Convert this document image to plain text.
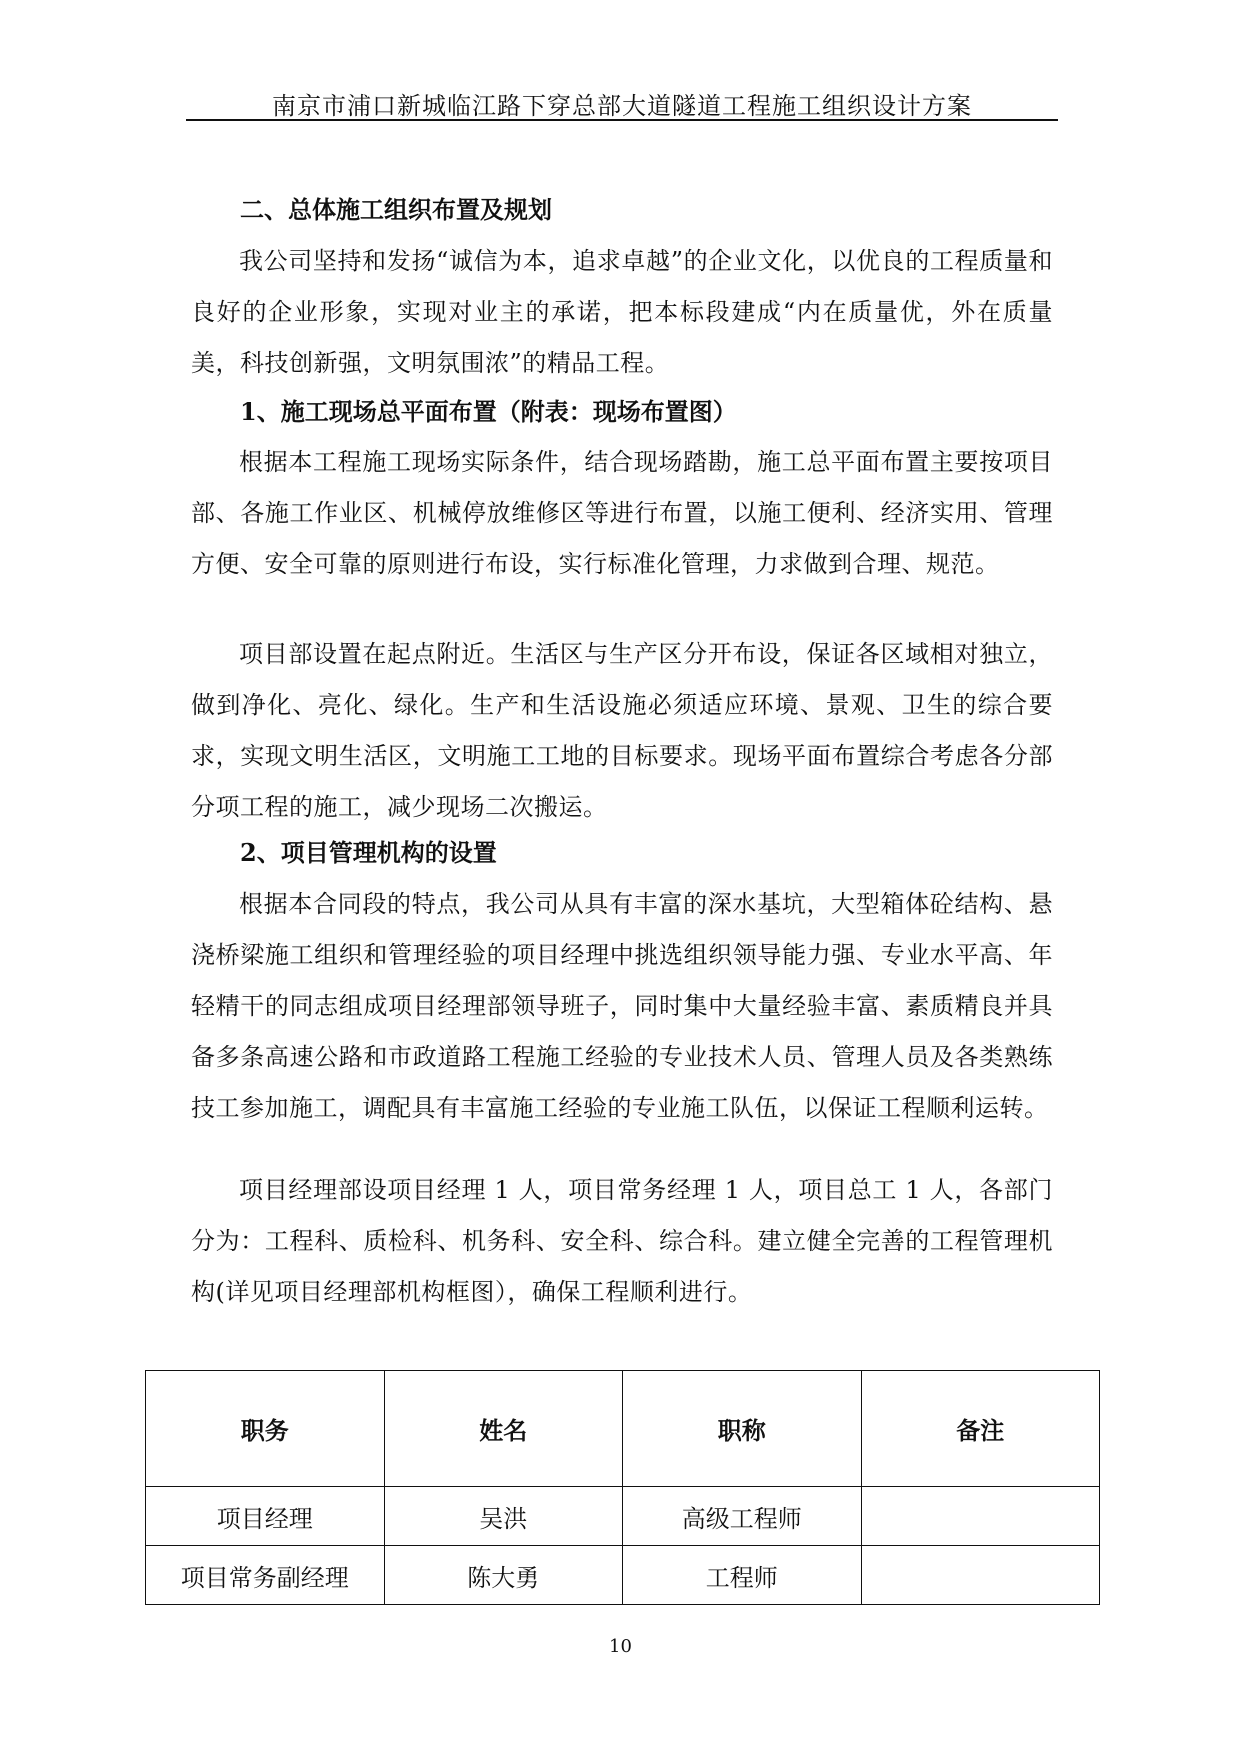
南京市浦口新城临江路下穿总部大道隧道工程施工组织设计方案
二、总体施工组织布置及规划
我公司坚持和发扬“诚信为本，追求卓越”的企业文化，以优良的工程质量和良好的企业形象，实现对业主的承诺，把本标段建成“内在质量优，外在质量美，科技创新强，文明氛围浓”的精品工程。
1、施工现场总平面布置（附表：现场布置图）
根据本工程施工现场实际条件，结合现场踏勘，施工总平面布置主要按项目部、各施工作业区、机械停放维修区等进行布置，以施工便利、经济实用、管理方便、安全可靠的原则进行布设，实行标准化管理，力求做到合理、规范。
项目部设置在起点附近。生活区与生产区分开布设，保证各区域相对独立，做到净化、亮化、绿化。生产和生活设施必须适应环境、景观、卫生的综合要求，实现文明生活区，文明施工工地的目标要求。现场平面布置综合考虑各分部分项工程的施工，减少现场二次搬运。
2、项目管理机构的设置
根据本合同段的特点，我公司从具有丰富的深水基坑，大型箱体砼结构、悬浇桥梁施工组织和管理经验的项目经理中挑选组织领导能力强、专业水平高、年轻精干的同志组成项目经理部领导班子，同时集中大量经验丰富、素质精良并具备多条高速公路和市政道路工程施工经验的专业技术人员、管理人员及各类熟练技工参加施工，调配具有丰富施工经验的专业施工队伍，以保证工程顺利运转。
项目经理部设项目经理 1 人，项目常务经理 1 人，项目总工 1 人，各部门分为：工程科、质检科、机务科、安全科、综合科。建立健全完善的工程管理机构(详见项目经理部机构框图），确保工程顺利进行。
职务	姓名	职称	备注
项目经理	吴洪	高级工程师	
项目常务副经理	陈大勇	工程师	
10
